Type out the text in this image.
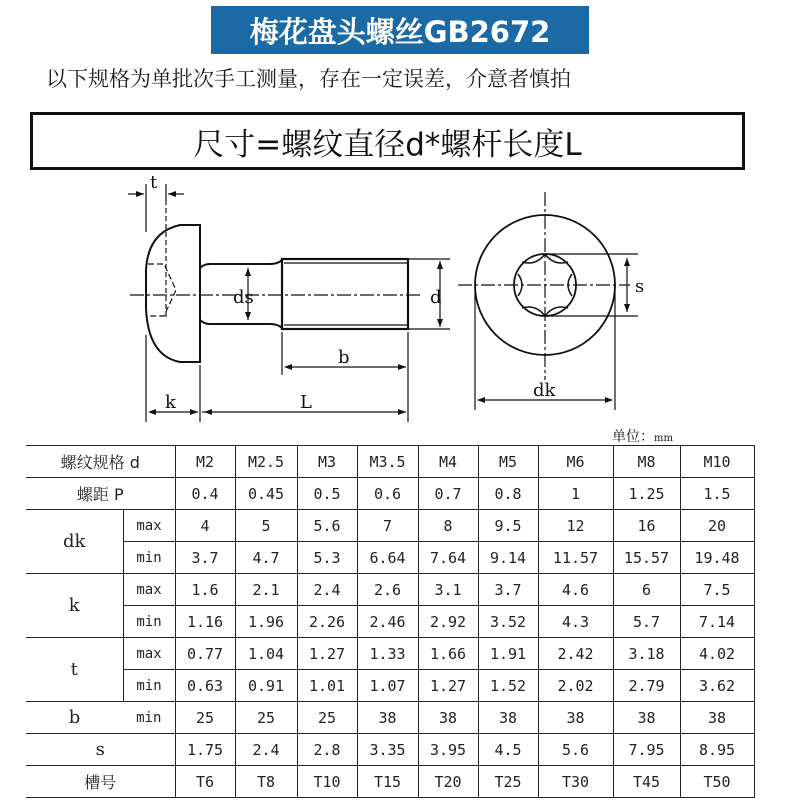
梅花盘头螺丝GB2672
以下规格为单批次手工测量，存在一定误差，介意者慎拍
尺寸=螺纹直径d*螺杆长度L
t
ds	d
b
k	L
s
dk
单位：mm
螺纹规格 d		M2	M2.5	M3	M3.5	M4	M5	M6	M8	M10
螺距 P		0.4	0.45	0.5	0.6	0.7	0.8	1	1.25	1.5
dk	max	4	5	5.6	7	8	9.5	12	16	20
	min	3.7	4.7	5.3	6.64	7.64	9.14	11.57	15.57	19.48
k	max	1.6	2.1	2.4	2.6	3.1	3.7	4.6	6	7.5
	min	1.16	1.96	2.26	2.46	2.92	3.52	4.3	5.7	7.14
t	max	0.77	1.04	1.27	1.33	1.66	1.91	2.42	3.18	4.02
	min	0.63	0.91	1.01	1.07	1.27	1.52	2.02	2.79	3.62
b	min	25	25	25	38	38	38	38	38	38
s		1.75	2.4	2.8	3.35	3.95	4.5	5.6	7.95	8.95
槽号		T6	T8	T10	T15	T20	T25	T30	T45	T50
